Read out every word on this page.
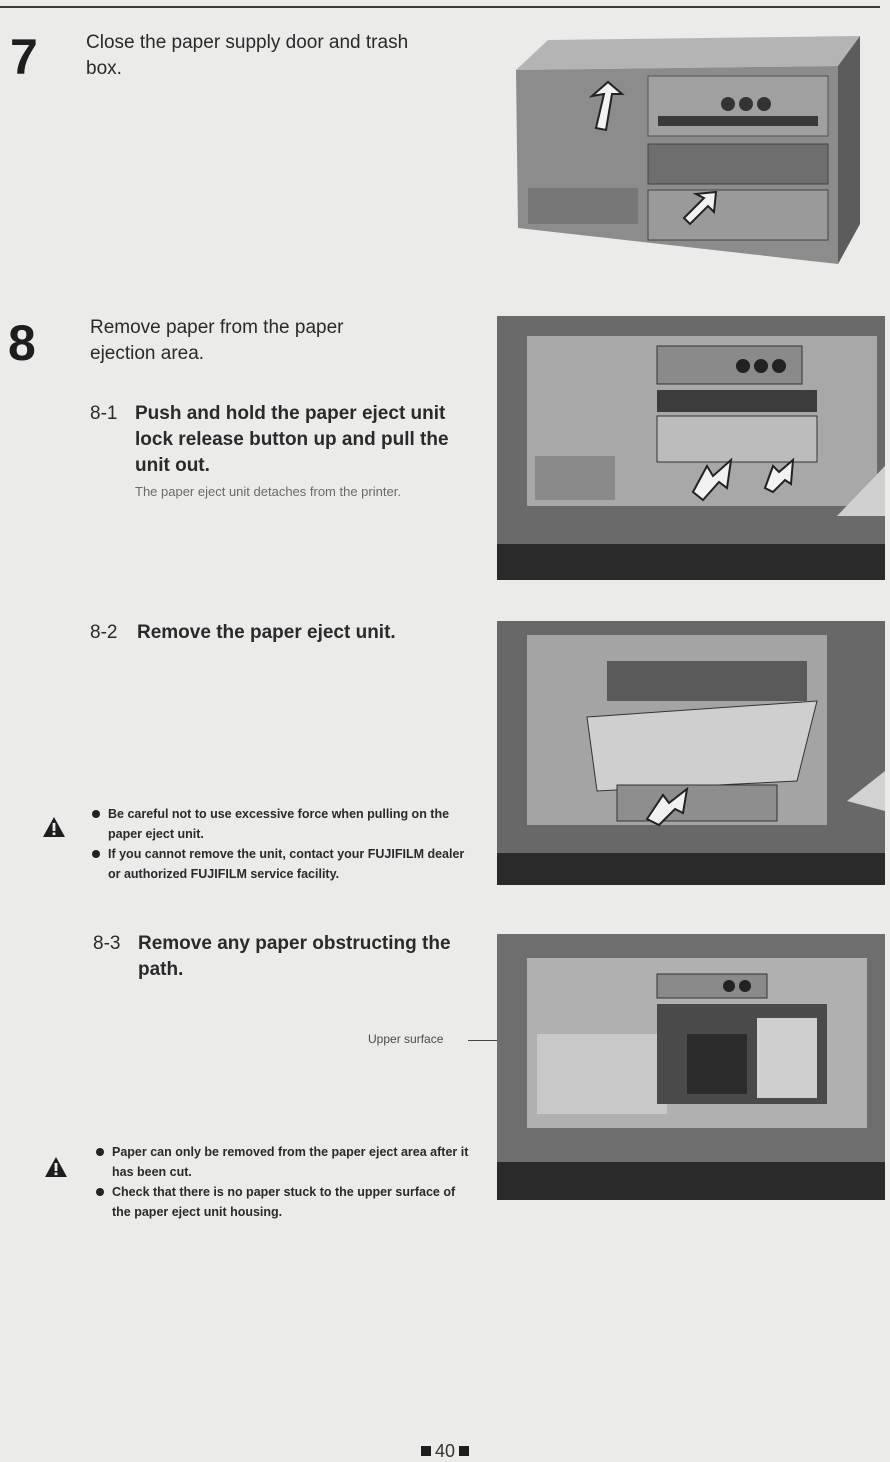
7	Close the paper supply door and trash box.
8	Remove paper from the paper ejection area.
8-1 Push and hold the paper eject unit lock release button up and pull the unit out.
The paper eject unit detaches from the printer.
8-2 Remove the paper eject unit.
Be careful not to use excessive force when pulling on the paper eject unit.
If you cannot remove the unit, contact your FUJIFILM dealer or authorized FUJIFILM service facility.
8-3 Remove any paper obstructing the path.
Upper surface
Paper can only be removed from the paper eject area after it has been cut.
Check that there is no paper stuck to the upper surface of the paper eject unit housing.
40
